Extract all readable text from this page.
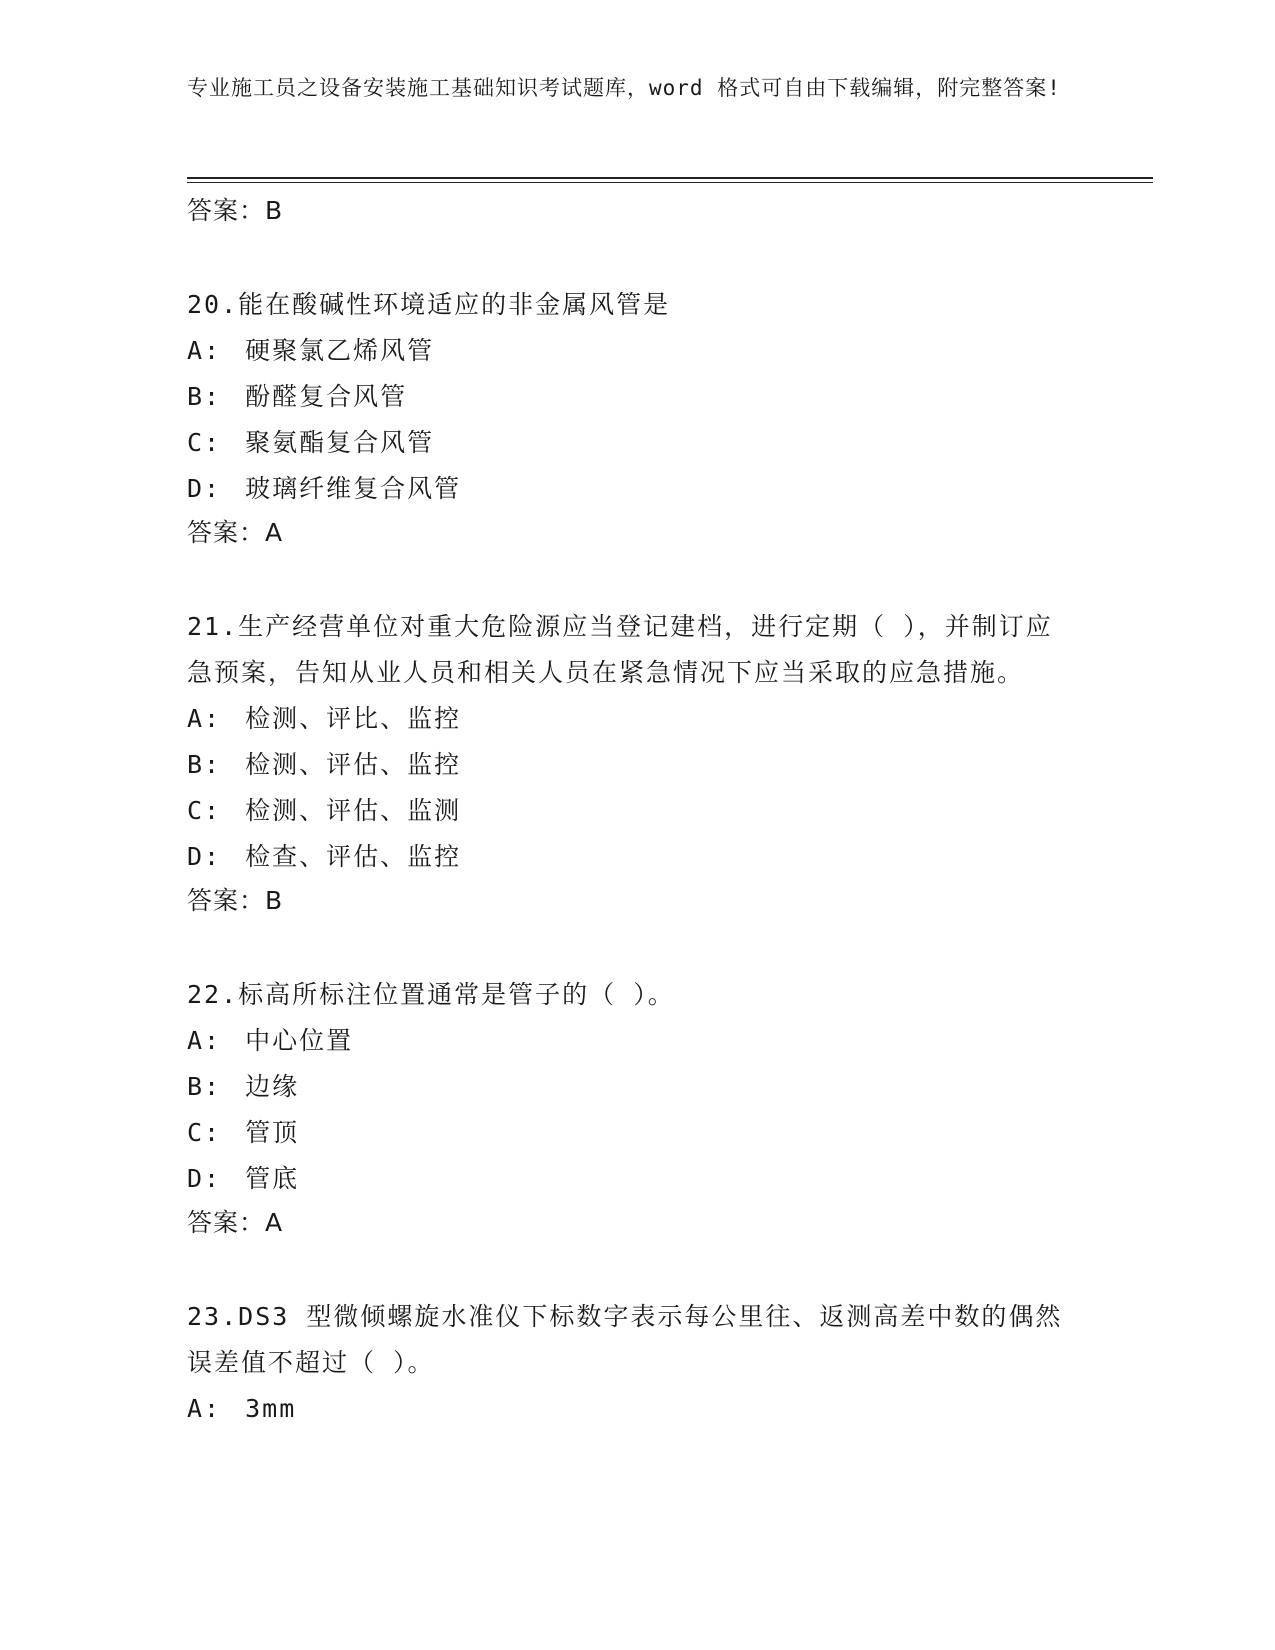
专业施工员之设备安装施工基础知识考试题库，word 格式可自由下载编辑，附完整答案!

答案：B

20.能在酸碱性环境适应的非金属风管是

A: 硬聚氯乙烯风管

B: 酚醛复合风管

C: 聚氨酯复合风管

D: 玻璃纤维复合风管

答案：A

21.生产经营单位对重大危险源应当登记建档，进行定期（ ），并制订应急预案，告知从业人员和相关人员在紧急情况下应当采取的应急措施。

A: 检测、评比、监控

B: 检测、评估、监控

C: 检测、评估、监测

D: 检查、评估、监控

答案：B

22.标高所标注位置通常是管子的（ ）。

A: 中心位置

B: 边缘

C: 管顶

D: 管底

答案：A

23.DS3 型微倾螺旋水准仪下标数字表示每公里往、返测高差中数的偶然误差值不超过（ ）。

A: 3mm
